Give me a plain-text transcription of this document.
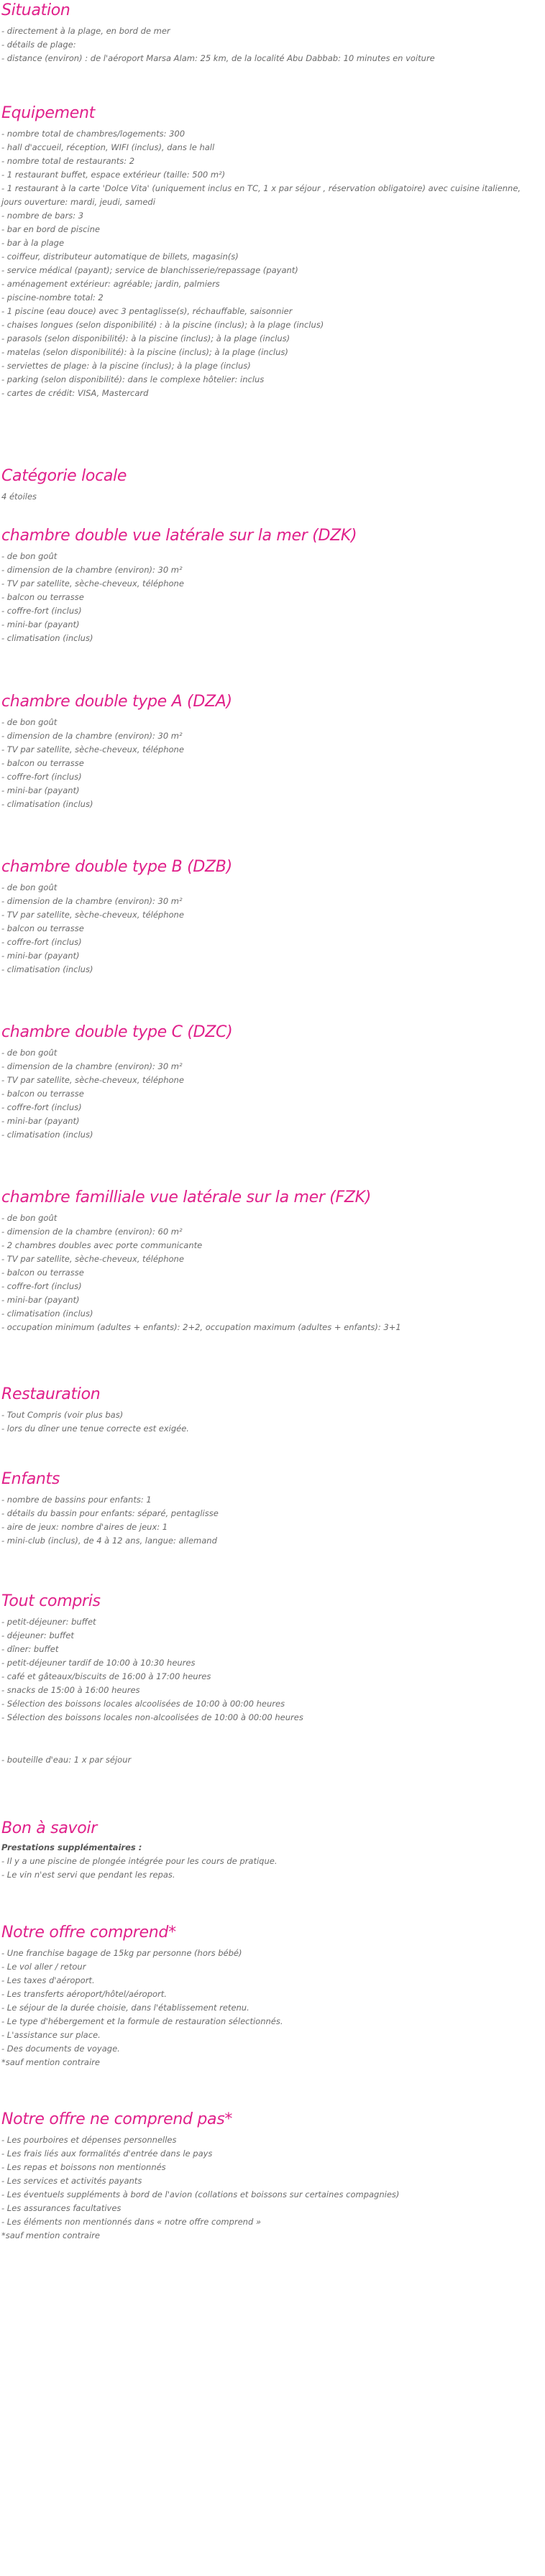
Situation
- directement à la plage, en bord de mer
- détails de plage:
- distance (environ) : de l'aéroport Marsa Alam: 25 km, de la localité Abu Dabbab: 10 minutes en voiture
Equipement
- nombre total de chambres/logements: 300
- hall d'accueil, réception, WIFI (inclus), dans le hall
- nombre total de restaurants: 2
- 1 restaurant buffet, espace extérieur (taille: 500 m²)
- 1 restaurant à la carte 'Dolce Vita' (uniquement inclus en TC, 1 x par séjour , réservation obligatoire) avec cuisine italienne, jours ouverture: mardi, jeudi, samedi
- nombre de bars: 3
- bar en bord de piscine
- bar à la plage
- coiffeur, distributeur automatique de billets, magasin(s)
- service médical (payant); service de blanchisserie/repassage (payant)
- aménagement extérieur: agréable; jardin, palmiers
- piscine-nombre total: 2
- 1 piscine (eau douce) avec 3 pentaglisse(s), réchauffable, saisonnier
- chaises longues (selon disponibilité) : à la piscine (inclus); à la plage (inclus)
- parasols (selon disponibilité): à la piscine (inclus); à la plage (inclus)
- matelas (selon disponibilité): à la piscine (inclus); à la plage (inclus)
- serviettes de plage: à la piscine (inclus); à la plage (inclus)
- parking (selon disponibilité): dans le complexe hôtelier: inclus
- cartes de crédit: VISA, Mastercard
Catégorie locale

4 étoiles

chambre double vue latérale sur la mer (DZK)
- de bon goût
- dimension de la chambre (environ): 30 m²
- TV par satellite, sèche-cheveux, téléphone
- balcon ou terrasse
- coffre-fort (inclus)
- mini-bar (payant)
- climatisation (inclus)
chambre double type A (DZA)
- de bon goût
- dimension de la chambre (environ): 30 m²
- TV par satellite, sèche-cheveux, téléphone
- balcon ou terrasse
- coffre-fort (inclus)
- mini-bar (payant)
- climatisation (inclus)
chambre double type B (DZB)
- de bon goût
- dimension de la chambre (environ): 30 m²
- TV par satellite, sèche-cheveux, téléphone
- balcon ou terrasse
- coffre-fort (inclus)
- mini-bar (payant)
- climatisation (inclus)
chambre double type C (DZC)
- de bon goût
- dimension de la chambre (environ): 30 m²
- TV par satellite, sèche-cheveux, téléphone
- balcon ou terrasse
- coffre-fort (inclus)
- mini-bar (payant)
- climatisation (inclus)
chambre familliale vue latérale sur la mer (FZK)
- de bon goût
- dimension de la chambre (environ): 60 m²
- 2 chambres doubles avec porte communicante
- TV par satellite, sèche-cheveux, téléphone
- balcon ou terrasse
- coffre-fort (inclus)
- mini-bar (payant)
- climatisation (inclus)
- occupation minimum (adultes + enfants): 2+2, occupation maximum (adultes + enfants): 3+1
Restauration
- Tout Compris (voir plus bas)
- lors du dîner une tenue correcte est exigée.
Enfants
- nombre de bassins pour enfants: 1
- détails du bassin pour enfants: séparé, pentaglisse
- aire de jeux: nombre d'aires de jeux: 1
- mini-club (inclus), de 4 à 12 ans, langue: allemand
Tout compris
- petit-déjeuner: buffet
- déjeuner: buffet
- dîner: buffet
- petit-déjeuner tardif de 10:00 à 10:30 heures
- café et gâteaux/biscuits de 16:00 à 17:00 heures
- snacks de 15:00 à 16:00 heures
- Sélection des boissons locales alcoolisées de 10:00 à 00:00 heures
- Sélection des boissons locales non-alcoolisées de 10:00 à 00:00 heures

- bouteille d'eau: 1 x par séjour

Bon à savoir

Prestations supplémentaires :

- Il y a une piscine de plongée intégrée pour les cours de pratique.
- Le vin n'est servi que pendant les repas.
Notre offre comprend*
- Une franchise bagage de 15kg par personne (hors bébé)
- Le vol aller / retour
- Les taxes d'aéroport.
- Les transferts aéroport/hôtel/aéroport.
- Le séjour de la durée choisie, dans l'établissement retenu.
- Le type d'hébergement et la formule de restauration sélectionnés.
- L'assistance sur place.
- Des documents de voyage.
*sauf mention contraire
Notre offre ne comprend pas*
- Les pourboires et dépenses personnelles
- Les frais liés aux formalités d'entrée dans le pays
- Les repas et boissons non mentionnés
- Les services et activités payants
- Les éventuels suppléments à bord de l'avion (collations et boissons sur certaines compagnies)
- Les assurances facultatives
- Les éléments non mentionnés dans « notre offre comprend »
*sauf mention contraire
